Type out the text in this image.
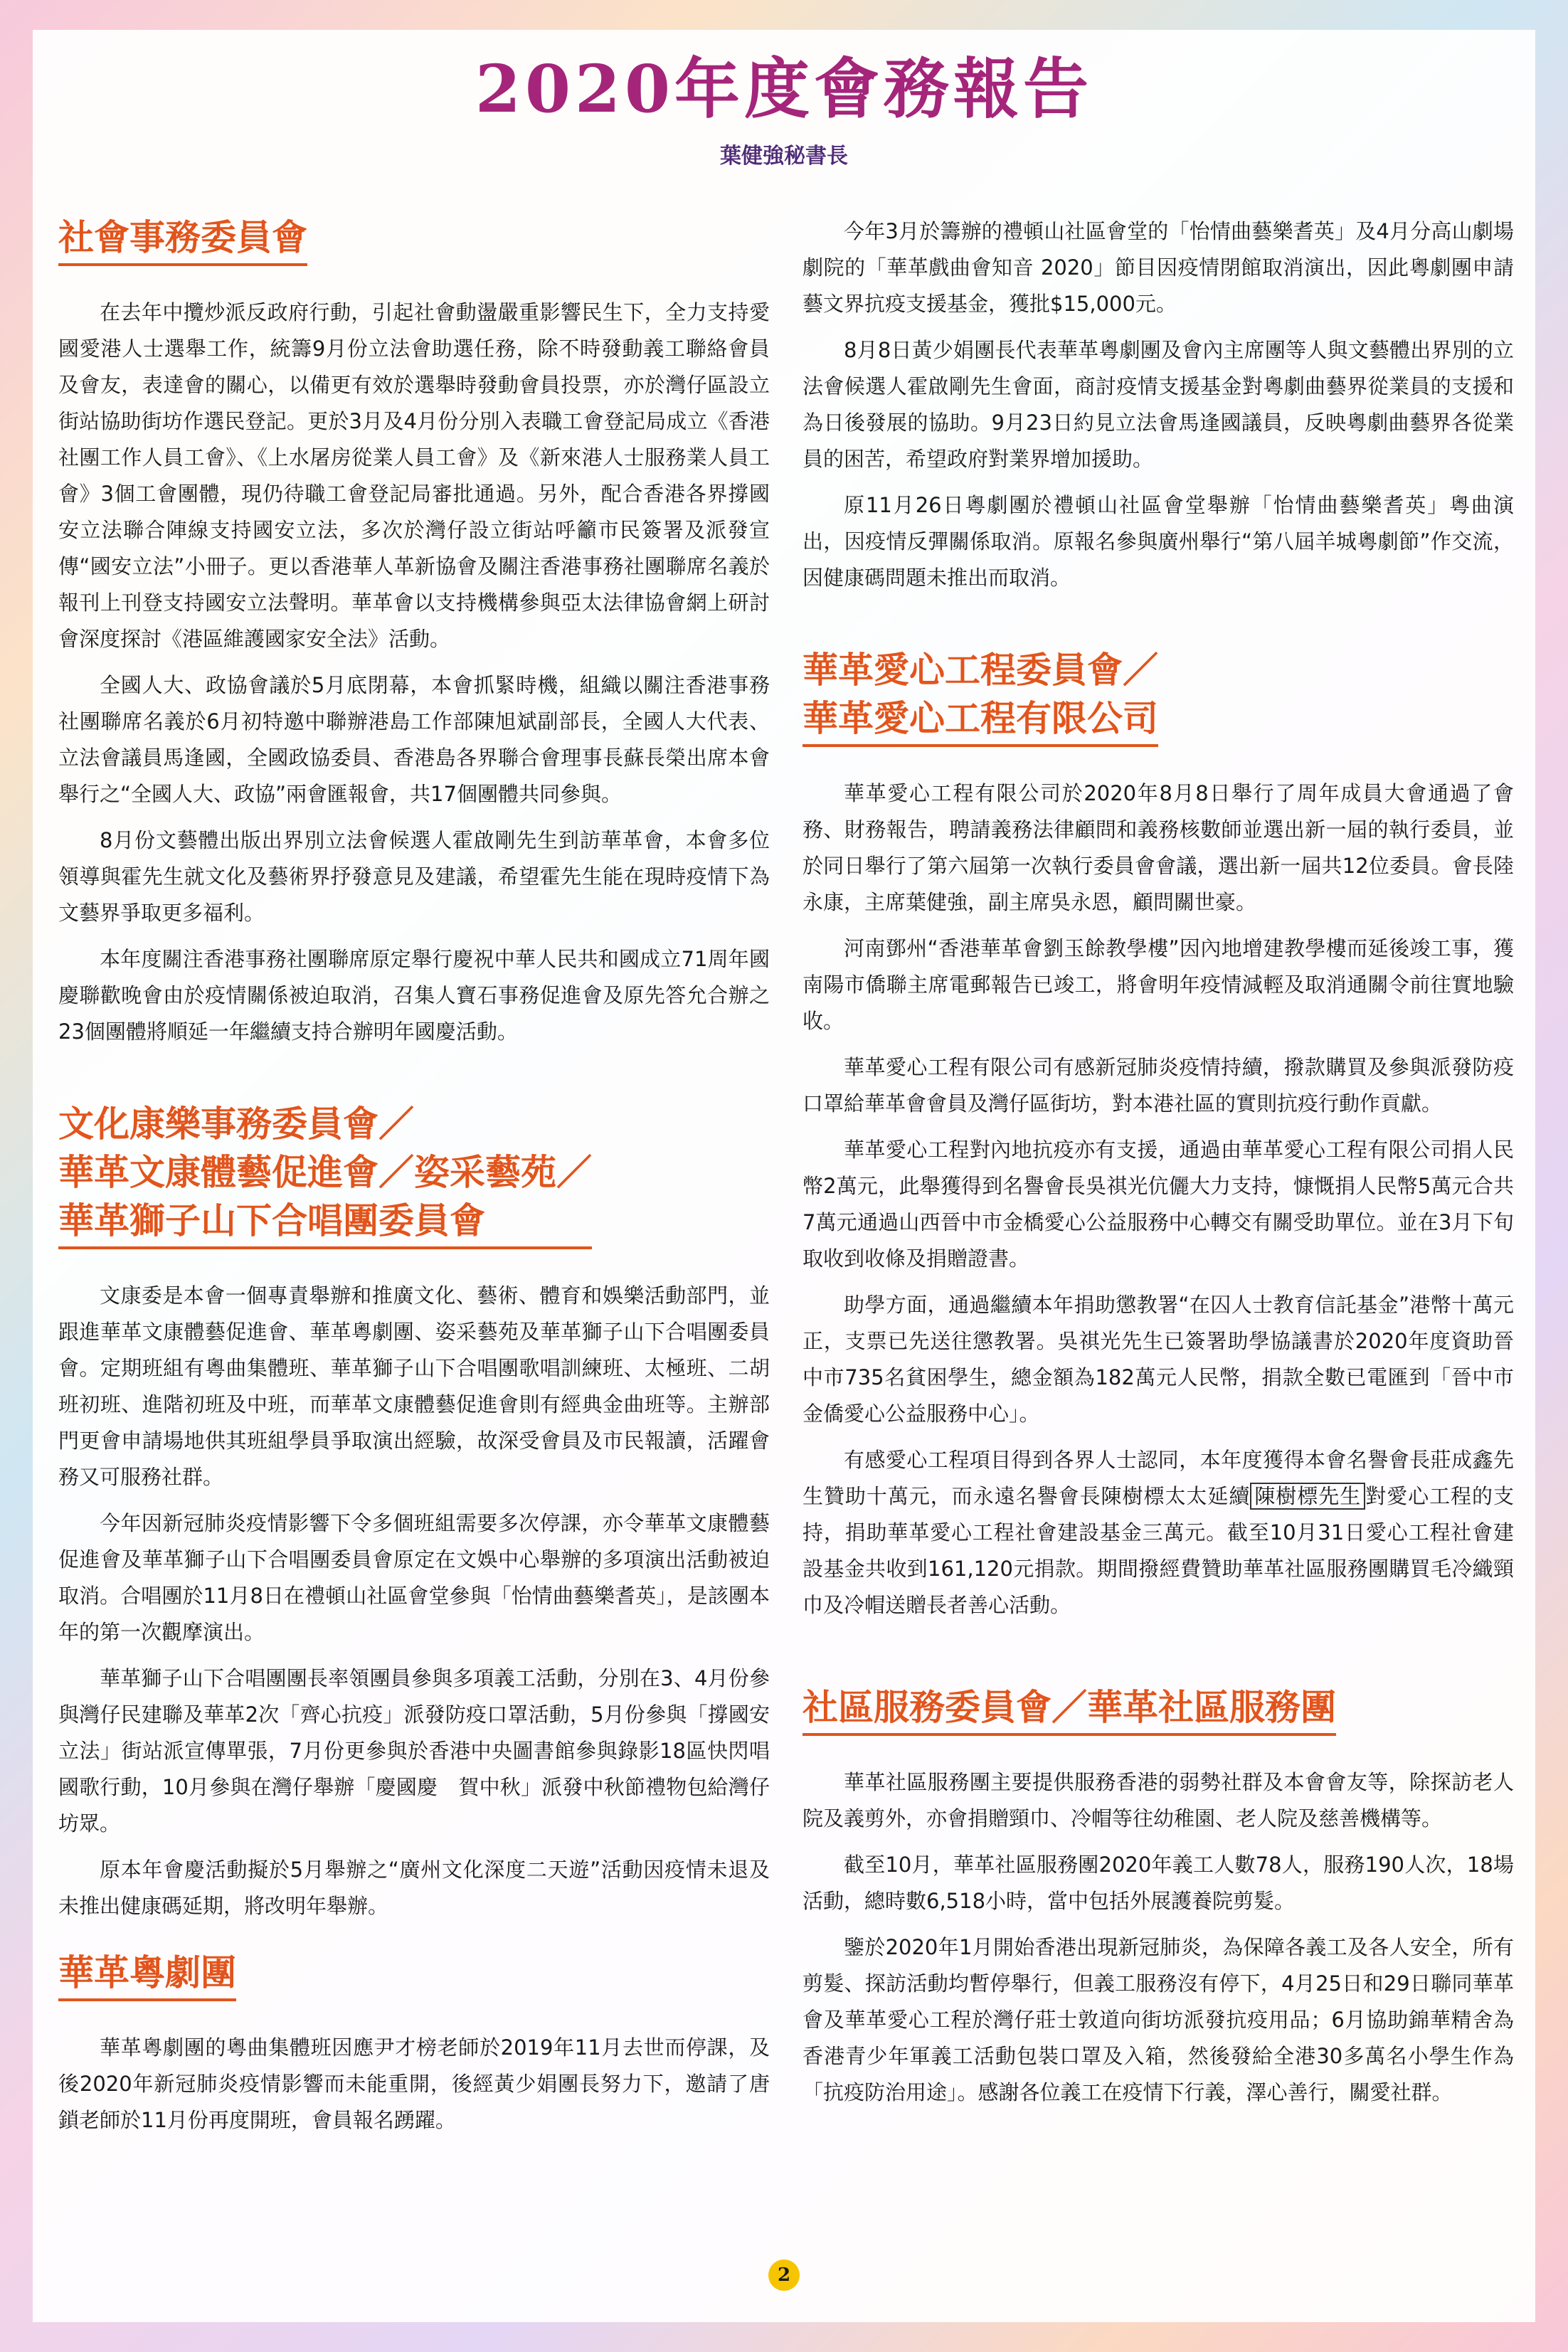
2020年度會務報告
葉健強秘書長
社會事務委員會

在去年中攬炒派反政府行動，引起社會動盪嚴重影響民生下，全力支持愛國愛港人士選舉工作，統籌9月份立法會助選任務，除不時發動義工聯絡會員及會友，表達會的關心，以備更有效於選舉時發動會員投票，亦於灣仔區設立街站協助街坊作選民登記。更於3月及4月份分別入表職工會登記局成立《香港社團工作人員工會》、《上水屠房從業人員工會》及《新來港人士服務業人員工會》3個工會團體，現仍待職工會登記局審批通過。另外，配合香港各界撐國安立法聯合陣線支持國安立法，多次於灣仔設立街站呼籲市民簽署及派發宣傳“國安立法”小冊子。更以香港華人革新協會及關注香港事務社團聯席名義於報刊上刊登支持國安立法聲明。華革會以支持機構參與亞太法律協會網上研討會深度探討《港區維護國家安全法》活動。

全國人大、政協會議於5月底閉幕，本會抓緊時機，組織以關注香港事務社團聯席名義於6月初特邀中聯辦港島工作部陳旭斌副部長，全國人大代表、立法會議員馬逢國，全國政協委員、香港島各界聯合會理事長蘇長榮出席本會舉行之“全國人大、政協”兩會匯報會，共17個團體共同參與。

8月份文藝體出版出界別立法會候選人霍啟剛先生到訪華革會，本會多位領導與霍先生就文化及藝術界抒發意見及建議，希望霍先生能在現時疫情下為文藝界爭取更多福利。

本年度關注香港事務社團聯席原定舉行慶祝中華人民共和國成立71周年國慶聯歡晚會由於疫情關係被迫取消，召集人寶石事務促進會及原先答允合辦之23個團體將順延一年繼續支持合辦明年國慶活動。

文化康樂事務委員會／
華革文康體藝促進會／姿采藝苑／
華革獅子山下合唱團委員會

文康委是本會一個專責舉辦和推廣文化、藝術、體育和娛樂活動部門，並跟進華革文康體藝促進會、華革粵劇團、姿采藝苑及華革獅子山下合唱團委員會。定期班組有粵曲集體班、華革獅子山下合唱團歌唱訓練班、太極班、二胡班初班、進階初班及中班，而華革文康體藝促進會則有經典金曲班等。主辦部門更會申請場地供其班組學員爭取演出經驗，故深受會員及市民報讀，活躍會務又可服務社群。

今年因新冠肺炎疫情影響下令多個班組需要多次停課，亦令華革文康體藝促進會及華革獅子山下合唱團委員會原定在文娛中心舉辦的多項演出活動被迫取消。合唱團於11月8日在禮頓山社區會堂參與「怡情曲藝樂耆英」，是該團本年的第一次觀摩演出。

華革獅子山下合唱團團長率領團員參與多項義工活動，分別在3、4月份參與灣仔民建聯及華革2次「齊心抗疫」派發防疫口罩活動，5月份參與「撐國安立法」街站派宣傳單張，7月份更參與於香港中央圖書館參與錄影18區快閃唱國歌行動，10月參與在灣仔舉辦「慶國慶　賀中秋」派發中秋節禮物包給灣仔坊眾。

原本年會慶活動擬於5月舉辦之“廣州文化深度二天遊”活動因疫情未退及未推出健康碼延期，將改明年舉辦。

華革粵劇團

華革粵劇團的粵曲集體班因應尹才榜老師於2019年11月去世而停課，及後2020年新冠肺炎疫情影響而未能重開，後經黃少娟團長努力下，邀請了唐鎖老師於11月份再度開班，會員報名踴躍。

今年3月於籌辦的禮頓山社區會堂的「怡情曲藝樂耆英」及4月分高山劇場劇院的「華革戲曲會知音 2020」節目因疫情閉館取消演出，因此粵劇團申請藝文界抗疫支援基金，獲批$15,000元。

8月8日黃少娟團長代表華革粵劇團及會內主席團等人與文藝體出界別的立法會候選人霍啟剛先生會面，商討疫情支援基金對粵劇曲藝界從業員的支援和為日後發展的協助。9月23日約見立法會馬逢國議員，反映粵劇曲藝界各從業員的困苦，希望政府對業界增加援助。

原11月26日粵劇團於禮頓山社區會堂舉辦「怡情曲藝樂耆英」粵曲演出，因疫情反彈關係取消。原報名參與廣州舉行“第八屆羊城粵劇節”作交流，因健康碼問題未推出而取消。

華革愛心工程委員會／
華革愛心工程有限公司

華革愛心工程有限公司於2020年8月8日舉行了周年成員大會通過了會務、財務報告，聘請義務法律顧問和義務核數師並選出新一屆的執行委員，並於同日舉行了第六屆第一次執行委員會會議，選出新一屆共12位委員。會長陸永康，主席葉健強，副主席吳永恩，顧問關世豪。

河南鄧州“香港華革會劉玉餘教學樓”因內地增建教學樓而延後竣工事，獲南陽市僑聯主席電郵報告已竣工，將會明年疫情減輕及取消通關令前往實地驗收。

華革愛心工程有限公司有感新冠肺炎疫情持續，撥款購買及參與派發防疫口罩給華革會會員及灣仔區街坊，對本港社區的實則抗疫行動作貢獻。

華革愛心工程對內地抗疫亦有支援，通過由華革愛心工程有限公司捐人民幣2萬元，此舉獲得到名譽會長吳祺光伉儷大力支持，慷慨捐人民幣5萬元合共7萬元通過山西晉中市金橋愛心公益服務中心轉交有關受助單位。並在3月下旬取收到收條及捐贈證書。

助學方面，通過繼續本年捐助懲教署“在囚人士教育信託基金”港幣十萬元正，支票已先送往懲教署。吳祺光先生已簽署助學協議書於2020年度資助晉中市735名貧困學生，總金額為182萬元人民幣，捐款全數已電匯到「晉中市金僑愛心公益服務中心」。

有感愛心工程項目得到各界人士認同，本年度獲得本會名譽會長莊成鑫先生贊助十萬元，而永遠名譽會長陳樹標太太延續 陳樹標先生 對愛心工程的支持，捐助華革愛心工程社會建設基金三萬元。截至10月31日愛心工程社會建設基金共收到161,120元捐款。期間撥經費贊助華革社區服務團購買毛冷織頸巾及冷帽送贈長者善心活動。

社區服務委員會／華革社區服務團

華革社區服務團主要提供服務香港的弱勢社群及本會會友等，除探訪老人院及義剪外，亦會捐贈頸巾、冷帽等往幼稚園、老人院及慈善機構等。

截至10月，華革社區服務團2020年義工人數78人，服務190人次，18場活動，總時數6,518小時，當中包括外展護養院剪髮。

鑒於2020年1月開始香港出現新冠肺炎，為保障各義工及各人安全，所有剪髮、探訪活動均暫停舉行，但義工服務沒有停下，4月25日和29日聯同華革會及華革愛心工程於灣仔莊士敦道向街坊派發抗疫用品；6月協助錦華精舍為香港青少年軍義工活動包裝口罩及入箱，然後發給全港30多萬名小學生作為「抗疫防治用途」。感謝各位義工在疫情下行義，澤心善行，關愛社群。

2
